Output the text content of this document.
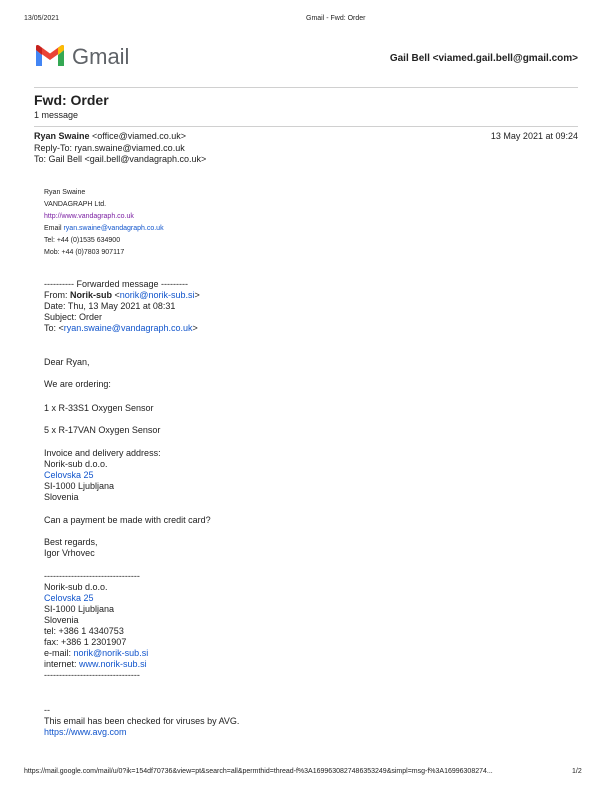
13/05/2021	Gmail - Fwd: Order
Gmail	Gail Bell <viamed.gail.bell@gmail.com>
Fwd: Order
1 message
Ryan Swaine <office@viamed.co.uk>	13 May 2021 at 09:24
Reply-To: ryan.swaine@viamed.co.uk
To: Gail Bell <gail.bell@vandagraph.co.uk>
Ryan Swaine
VANDAGRAPH Ltd.
http://www.vandagraph.co.uk
Email ryan.swaine@vandagraph.co.uk
Tel: +44 (0)1535 634900
Mob: +44 (0)7803 907117
---------- Forwarded message ---------
From: Norik-sub <norik@norik-sub.si>
Date: Thu, 13 May 2021 at 08:31
Subject: Order
To: <ryan.swaine@vandagraph.co.uk>
Dear Ryan,
We are ordering:
1 x R-33S1 Oxygen Sensor
5 x R-17VAN Oxygen Sensor
Invoice and delivery address:
Norik-sub d.o.o.
Celovska 25
SI-1000 Ljubljana
Slovenia
Can a payment be made with credit card?
Best regards,
Igor Vrhovec
--------------------------------
Norik-sub d.o.o.
Celovska 25
SI-1000 Ljubljana
Slovenia
tel: +386 1 4340753
fax: +386 1 2301907
e-mail: norik@norik-sub.si
internet: www.norik-sub.si
--------------------------------
--
This email has been checked for viruses by AVG.
https://www.avg.com
https://mail.google.com/mail/u/0?ik=154df70736&view=pt&search=all&permthid=thread-f%3A1699630827486353249&simpl=msg-f%3A16996308274...	1/2
